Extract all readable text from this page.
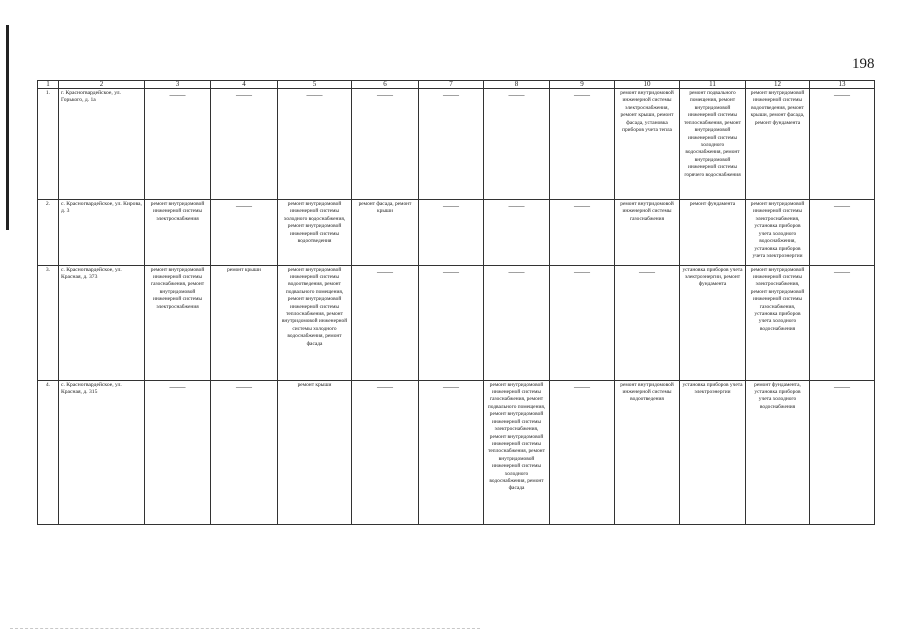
198
1	2	3	4	5	6	7	8	9	10	11	12	13
1.	г. Красногвардейское, ул. Горького, д. 1а	——	——	——	——	——	——	——	ремонт внутридомовой инженерной системы электроснабжения, ремонт крыши, ремонт фасада, установка приборов учета тепла	ремонт подвального помещения, ремонт внутридомовой инженерной системы теплоснабжения, ремонт внутридомовой инженерной системы холодного водоснабжения, ремонт внутридомовой инженерной системы горячего водоснабжения	ремонт внутридомовой инженерной системы водоотведения, ремонт крыши, ремонт фасада, ремонт фундамента	——

2.	с. Красногвардейское, ул. Кирова, д. 3	ремонт внутридомовой инженерной системы электроснабжения	——	ремонт внутридомовой инженерной системы холодного водоснабжения, ремонт внутридомовой инженерной системы водоотведения	ремонт фасада, ремонт крыши	——	——	——	ремонт внутридомовой инженерной системы газоснабжения	ремонт фундамента	ремонт внутридомовой инженерной системы электроснабжения, установка приборов учета холодного водоснабжения, установка приборов учета электроэнергии	——

3.	с. Красногвардейское, ул. Красная, д. 373	ремонт внутридомовой инженерной системы газоснабжения, ремонт внутридомовой инженерной системы электроснабжения	ремонт крыши	ремонт внутридомовой инженерной системы водоотведения, ремонт подвального помещения, ремонт внутридомовой инженерной системы теплоснабжения, ремонт внутридомовой инженерной системы холодного водоснабжения, ремонт фасада	——	——	——	——	——	установка приборов учета электроэнергии, ремонт фундамента	ремонт внутридомовой инженерной системы электроснабжения, ремонт внутридомовой инженерной системы газоснабжения, установка приборов учета холодного водоснабжения	——

4.	с. Красногвардейское, ул. Красная, д. 315	——	——	ремонт крыши	——	——	ремонт внутридомовой инженерной системы газоснабжения, ремонт подвального помещения, ремонт внутридомовой инженерной системы электроснабжения, ремонт внутридомовой инженерной системы теплоснабжения, ремонт внутридомовой инженерной системы холодного водоснабжения, ремонт фасада	——	ремонт внутридомовой инженерной системы водоотведения	установка приборов учета электроэнергии	ремонт фундамента, установка приборов учета холодного водоснабжения	——
